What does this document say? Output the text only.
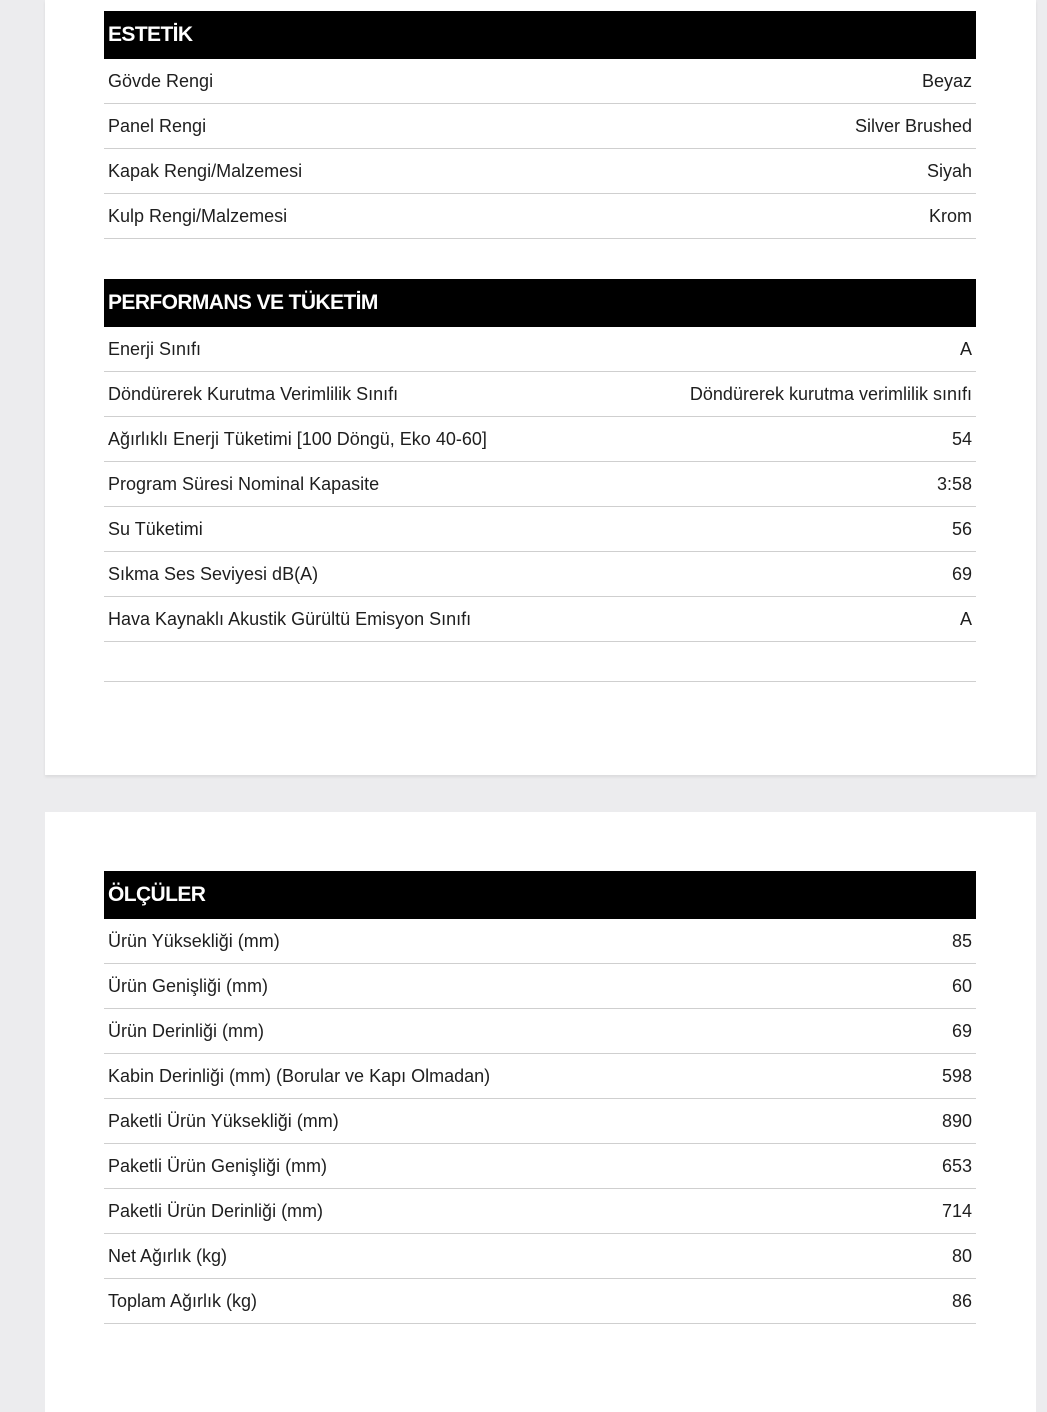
ESTETİK
Gövde Rengi	Beyaz
Panel Rengi	Silver Brushed
Kapak Rengi/Malzemesi	Siyah
Kulp Rengi/Malzemesi	Krom
PERFORMANS VE TÜKETİM
Enerji Sınıfı	A
Döndürerek Kurutma Verimlilik Sınıfı	Döndürerek kurutma verimlilik sınıfı
Ağırlıklı Enerji Tüketimi [100 Döngü, Eko 40-60]	54
Program Süresi Nominal Kapasite	3:58
Su Tüketimi	56
Sıkma Ses Seviyesi dB(A)	69
Hava Kaynaklı Akustik Gürültü Emisyon Sınıfı	A
ÖLÇÜLER
Ürün Yüksekliği (mm)	85
Ürün Genişliği (mm)	60
Ürün Derinliği (mm)	69
Kabin Derinliği (mm) (Borular ve Kapı Olmadan)	598
Paketli Ürün Yüksekliği (mm)	890
Paketli Ürün Genişliği (mm)	653
Paketli Ürün Derinliği (mm)	714
Net Ağırlık (kg)	80
Toplam Ağırlık (kg)	86
